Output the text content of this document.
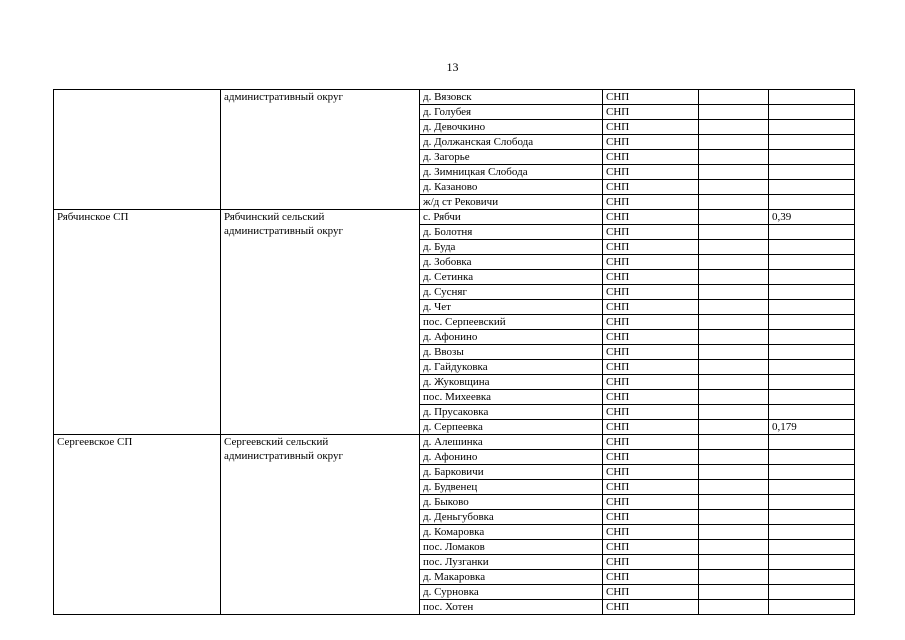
13
	административный округ	д. Вязовск	СНП			
		д. Голубея	СНП			
		д. Девочкино	СНП			
		д. Должанская Слобода	СНП			
		д. Загорье	СНП			
		д. Зимницкая Слобода	СНП			
		д. Казаново	СНП			
		ж/д ст Рековичи	СНП			
Рябчинское СП	Рябчинский сельский административный округ	с. Рябчи	СНП		0,39	
		д. Болотня	СНП			
		д. Буда	СНП			
		д. Зобовка	СНП			
		д. Сетинка	СНП			
		д. Сусняг	СНП			
		д. Чет	СНП			
		пос. Серпеевский	СНП			
		д. Афонино	СНП			
		д. Ввозы	СНП			
		д. Гайдуковка	СНП			
		д. Жуковщина	СНП			
		пос. Михеевка	СНП			
		д. Прусаковка	СНП			
		д. Серпеевка	СНП		0,179	
Сергеевское СП	Сергеевский сельский административный округ	д. Алешинка	СНП			
		д. Афонино	СНП			
		д. Барковичи	СНП			
		д. Будвенец	СНП			
		д. Быково	СНП			
		д. Деньгубовка	СНП			
		д. Комаровка	СНП			
		пос. Ломаков	СНП			
		пос. Лузганки	СНП			
		д. Макаровка	СНП			
		д. Сурновка	СНП			
		пос. Хотен	СНП			
